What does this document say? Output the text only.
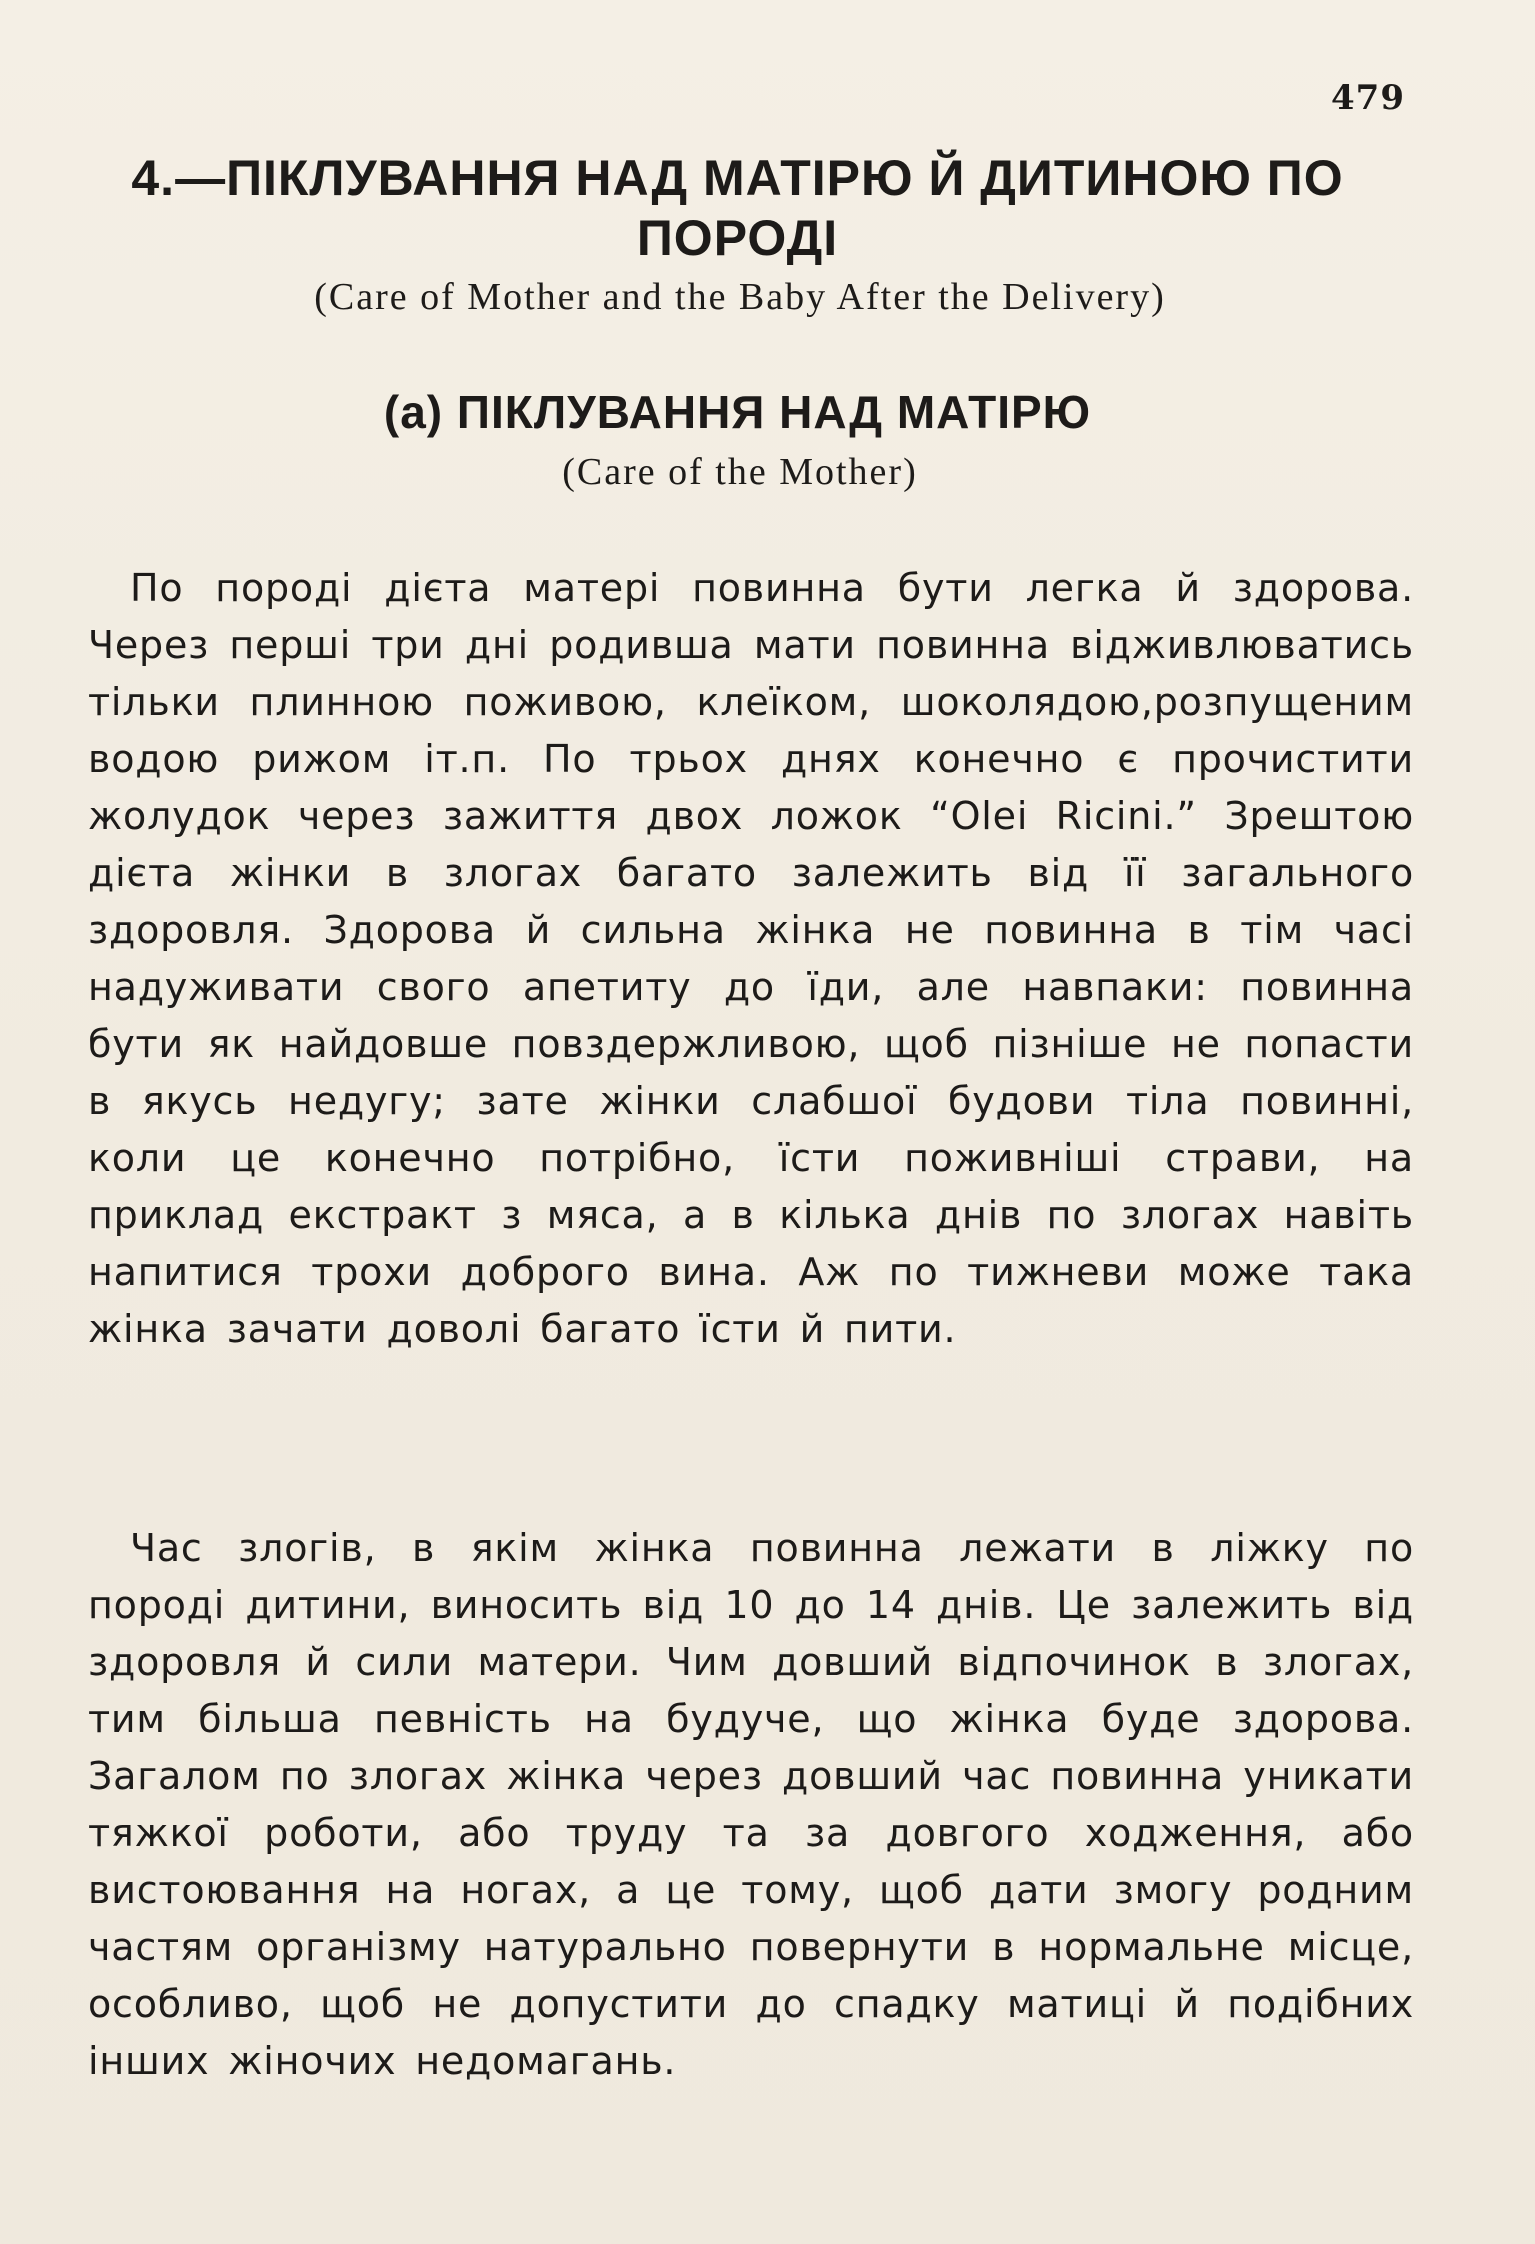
479
4.—ПІКЛУВАННЯ НАД МАТІРЮ Й ДИТИНОЮ ПО ПОРОДІ
(Care of Mother and the Baby After the Delivery)
(а) ПІКЛУВАННЯ НАД МАТІРЮ
(Care of the Mother)

По породі дієта матері повинна бути легка й здорова. Через перші три дні родивша мати повинна відживлюватись тільки плинною поживою, клеїком, шоколядою,розпущеним водою рижом іт.п. По трьох днях конечно є прочистити жолудок через зажиття двох ложок “Olei Ricini.” Зрештою дієта жінки в злогах багато залежить від її загального здоровля. Здорова й сильна жінка не повинна в тім часі надуживати свого апетиту до їди, але навпаки: повинна бути як найдовше повздержливою, щоб пізніше не попасти в якусь недугу; зате жінки слабшої будови тіла повинні, коли це конечно потрібно, їсти поживніші страви, на приклад екстракт з мяса, а в кілька днів по злогах навіть напитися трохи доброго вина. Аж по тижневи може така жінка зачати доволі багато їсти й пити.

Час злогів, в якім жінка повинна лежати в ліжку по породі дитини, виносить від 10 до 14 днів. Це залежить від здоровля й сили матери. Чим довший відпочинок в злогах, тим більша певність на будуче, що жінка буде здорова. Загалом по злогах жінка через довший час повинна уникати тяжкої роботи, або труду та за довгого ходження, або вистоювання на ногах, а це тому, щоб дати змогу родним частям організму натурально повернути в нормальне місце, особливо, щоб не допустити до спадку матиці й подібних інших жіночих недомагань.
